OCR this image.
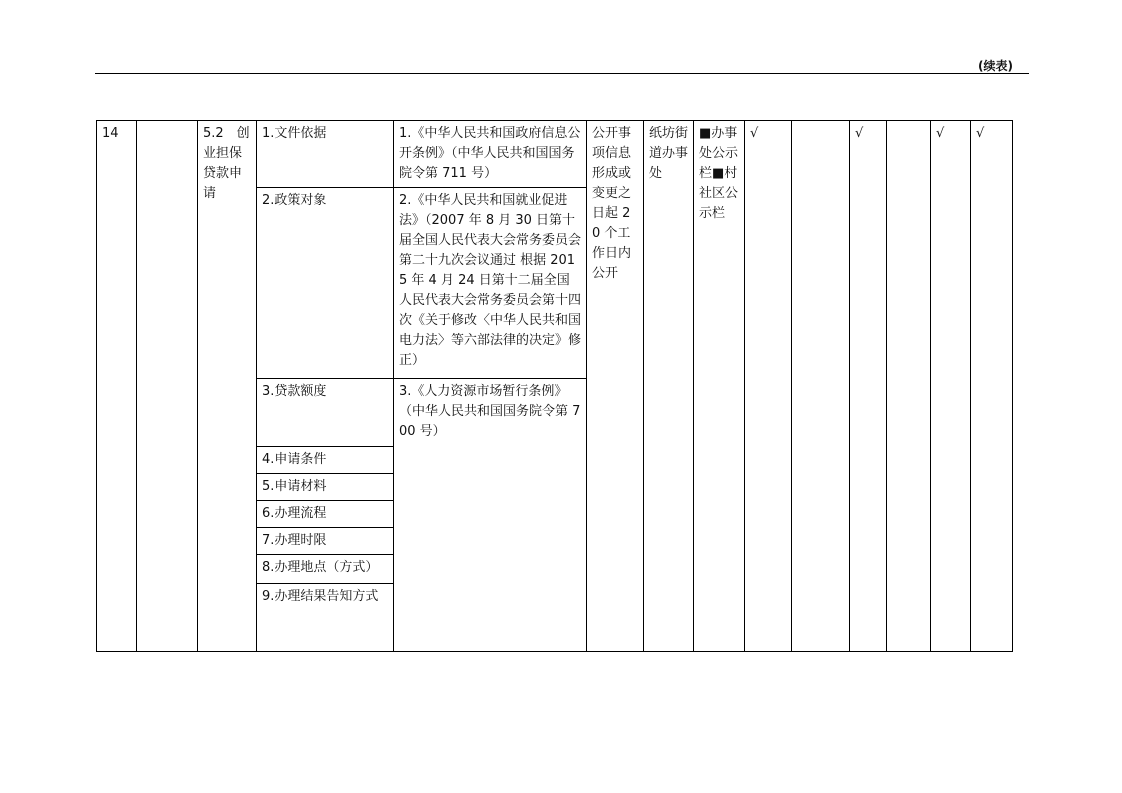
(续表)
14		5.2　创业担保贷款申请	1.文件依据	1.《中华人民共和国政府信息公开条例》（中华人民共和国国务院令第 711 号）	公开事项信息形成或变更之日起 20 个工作日内公开	纸坊街道办事处	■办事处公示栏■村社区公示栏	√		√		√	√
			2.政策对象	2.《中华人民共和国就业促进法》（2007 年 8 月 30 日第十届全国人民代表大会常务委员会第二十九次会议通过 根据 2015 年 4 月 24 日第十二届全国人民代表大会常务委员会第十四次《关于修改〈中华人民共和国电力法〉等六部法律的决定》修正）									
			3.贷款额度	3.《人力资源市场暂行条例》（中华人民共和国国务院令第 700 号）									
			4.申请条件										
			5.申请材料										
			6.办理流程										
			7.办理时限										
			8.办理地点（方式）										
			9.办理结果告知方式										
